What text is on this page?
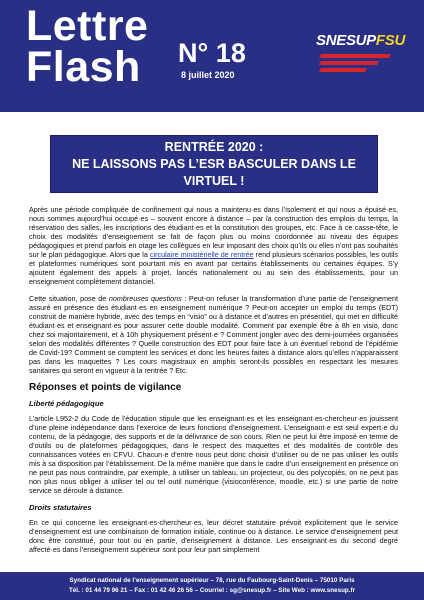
Lettre
Flash N° 18
8 juillet 2020
SNESUPFSU
RENTRÉE 2020 :
NE LAISSONS PAS L’ESR BASCULER DANS LE VIRTUEL !

Après une période compliquée de confinement qui nous a maintenu·es dans l’isolement et qui nous a épuisé·es, nous sommes aujourd’hui occupé·es – souvent encore à distance – par la construction des emplois du temps, la réservation des salles, les inscriptions des étudiant·es et la constitution des groupes, etc. Face à ce casse-tête, le choix des modalités d’enseignement se fait de façon plus ou moins coordonnée au niveau des équipes pédagogiques et prend parfois en otage les collègues en leur imposant des choix qu’ils ou elles n’ont pas souhaités sur le plan pédagogique. Alors que la circulaire ministérielle de rentrée rend plusieurs scénarios possibles, les outils et plateformes numériques sont pourtant mis en avant par certains établissements ou certaines équipes. S’y ajoutent également des appels à projet, lancés nationalement ou au sein des établissements, pour un enseignement complètement distanciel.

Cette situation, pose de nombreuses questions : Peut-on refuser la transformation d’une partie de l’enseignement assuré en présence des étudiant·es en enseignement numérique ? Peut-on accepter un emploi du temps (EDT) construit de manière hybride, avec des temps en “visio” ou à distance et d’autres en présentiel, qui met en difficulté étudiant·es et enseignant·es pour assurer cette double modalité. Comment par exemple être à 8h en visio, donc chez soi majoritairement, et à 10h physiquement présent·e ? Comment jongler avec des demi-journées organisées selon des modalités différentes ? Quelle construction des EDT pour faire face à un éventuel rebond de l’épidémie de Covid-19? Comment se comptent les services et donc les heures faites à distance alors qu’elles n’apparaissent pas dans les maquettes ? Les cours magistraux en amphis seront-ils possibles en respectant les mesures sanitaires qui seront en vigueur à la rentrée ? Etc.

Réponses et points de vigilance
Liberté pédagogique

L’article L952-2 du Code de l’éducation stipule que les enseignant·es et les enseignant·es-chercheur·es jouissent d’une pleine indépendance dans l’exercice de leurs fonctions d’enseignement. L’enseignant·e est seul expert·e du contenu, de la pédagogie, des supports et de la délivrance de son cours. Rien ne peut lui être imposé en terme de d’outils ou de plateformes pédagogiques, dans le respect des maquettes et des modalités de contrôle des connaissances votées en CFVU. Chacun·e d’entre nous peut donc choisir d’utiliser ou de ne pas utiliser les outils mis à sa disposition par l’établissement. De la même manière que dans le cadre d’un enseignement en présence on ne peut pas nous contraindre, par exemple, à utiliser un tableau, un projecteur, ou des polycopiés, on ne peut pas non plus nous obliger à utiliser tel ou tel outil numérique (visioconférence, moodle, etc.) si une partie de notre service se déroule à distance.

Droits statutaires

En ce qui concerne les enseignant·es-chercheur·es, leur décret statutaire prévoit explicitement que le service d’enseignement est une combinaison de formation initiale, continue ou à distance. Le service d’enseignement peut donc être constitué, pour tout ou en partie, d’enseignement à distance. Les enseignant·es du second degré affecté·es dans l’enseignement supérieur sont pour leur part simplement

Syndicat national de l’enseignement supérieur – 78, rue du Faubourg-Saint-Denis – 75010 Paris
Tél. : 01 44 79 96 21 – Fax : 01 42 46 26 56 – Courriel : sg@snesup.fr – Site Web : www.snesup.fr
